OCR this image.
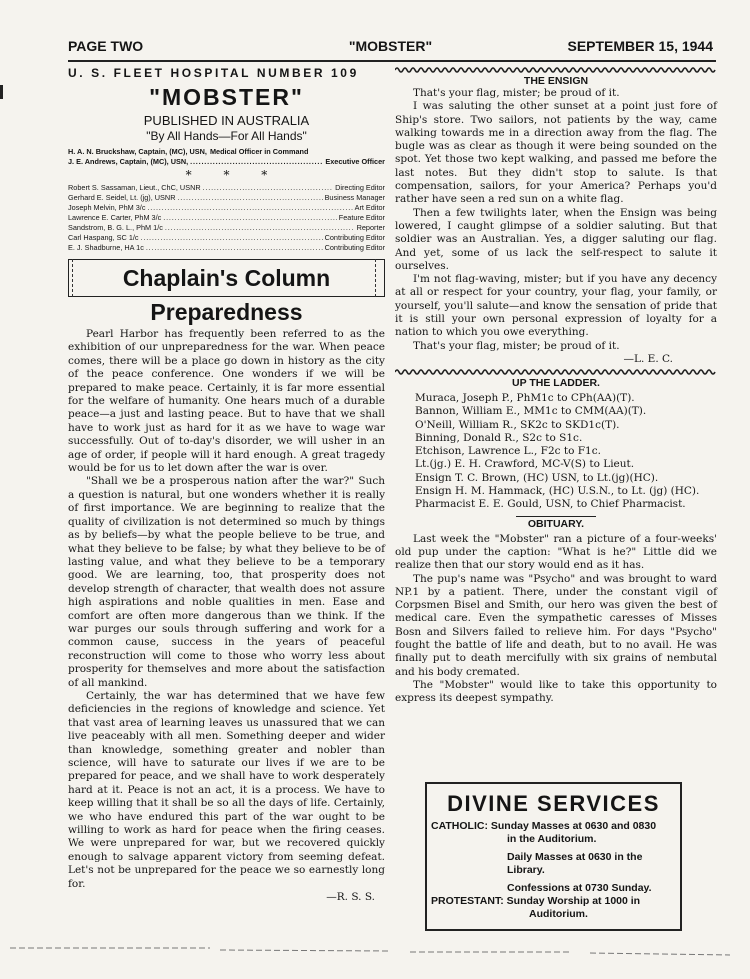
PAGE TWO	"MOBSTER"	SEPTEMBER 15, 1944
U. S. FLEET HOSPITAL NUMBER 109
"MOBSTER"
PUBLISHED IN AUSTRALIA
"By All Hands—For All Hands"
H. A. N. Bruckshaw, Captain, (MC), USN, Medical Officer in Command
J. E. Andrews, Captain, (MC), USN, .....	Executive Officer
* * *
Robert S. Sassaman, Lieut., ChC, USNR .....	Directing Editor
Gerhard E. Seidel, Lt. (jg), USNR .....	Business Manager
Joseph Melvin, PhM 3/c .....	Art Editor
Lawrence E. Carter, PhM 3/c .....	Feature Editor
Sandstrom, B. G. L., PhM 1/c .....	Reporter
Carl Haspang, SC 1/c .....	Contributing Editor
E. J. Shadburne, HA 1c .....	Contributing Editor
Chaplain's Column
Preparedness

Pearl Harbor has frequently been referred to as the exhibition of our unpreparedness for the war. When peace comes, there will be a place go down in history as the city of the peace conference. One wonders if we will be prepared to make peace. Certainly, it is far more essential for the welfare of humanity. One hears much of a durable peace—a just and lasting peace. But to have that we shall have to work just as hard for it as we have to wage war successfully. Out of to-day's disorder, we will usher in an age of order, if people will it hard enough. A great tragedy would be for us to let down after the war is over.

"Shall we be a prosperous nation after the war?" Such a question is natural, but one wonders whether it is really of first importance. We are beginning to realize that the quality of civilization is not determined so much by things as by beliefs—by what the people believe to be true, and what they believe to be false; by what they believe to be of lasting value, and what they believe to be a temporary good. We are learning, too, that prosperity does not develop strength of character, that wealth does not assure high aspirations and noble qualities in men. Ease and comfort are often more dangerous than we think. If the war purges our souls through suffering and work for a common cause, success in the years of peaceful reconstruction will come to those who worry less about prosperity for themselves and more about the satisfaction of all mankind.

Certainly, the war has determined that we have few deficiencies in the regions of knowledge and science. Yet that vast area of learning leaves us unassured that we can live peaceably with all men. Something deeper and wider than knowledge, something greater and nobler than science, will have to saturate our lives if we are to be prepared for peace, and we shall have to work desperately hard at it. Peace is not an act, it is a process. We have to keep willing that it shall be so all the days of life. Certainly, we who have endured this part of the war ought to be willing to work as hard for peace when the firing ceases. We were unprepared for war, but we recovered quickly enough to salvage apparent victory from seeming defeat. Let's not be unprepared for the peace we so earnestly long for.

—R. S. S.
THE ENSIGN

That's your flag, mister; be proud of it.

I was saluting the other sunset at a point just fore of Ship's store. Two sailors, not patients by the way, came walking towards me in a direction away from the flag. The bugle was as clear as though it were being sounded on the spot. Yet those two kept walking, and passed me before the last notes. But they didn't stop to salute. Is that compensation, sailors, for your America? Perhaps you'd rather have seen a red sun on a white flag.

Then a few twilights later, when the Ensign was being lowered, I caught glimpse of a soldier saluting. But that soldier was an Australian. Yes, a digger saluting our flag. And yet, some of us lack the self-respect to salute it ourselves.

I'm not flag-waving, mister; but if you have any decency at all or respect for your country, your flag, your family, or yourself, you'll salute—and know the sensation of pride that it is still your own personal expression of loyalty for a nation to which you owe everything.

That's your flag, mister; be proud of it.

—L. E. C.
UP THE LADDER.
Muraca, Joseph P., PhM1c to CPh(AA)(T).
Bannon, William E., MM1c to CMM(AA)(T).
O'Neill, William R., SK2c to SKD1c(T).
Binning, Donald R., S2c to S1c.
Etchison, Lawrence L., F2c to F1c.
Lt.(jg.) E. H. Crawford, MC-V(S) to Lieut.
Ensign T. C. Brown, (HC) USN, to Lt.(jg)(HC).
Ensign H. M. Hammack, (HC) U.S.N., to Lt. (jg) (HC).
Pharmacist E. E. Gould, USN, to Chief Pharmacist.
OBITUARY.

Last week the "Mobster" ran a picture of a four-weeks' old pup under the caption: "What is he?" Little did we realize then that our story would end as it has.

The pup's name was "Psycho" and was brought to ward NP.1 by a patient. There, under the constant vigil of Corpsmen Bisel and Smith, our hero was given the best of medical care. Even the sympathetic caresses of Misses Bosn and Silvers failed to relieve him. For days "Psycho" fought the battle of life and death, but to no avail. He was finally put to death mercifully with six grains of nembutal and his body cremated.

The "Mobster" would like to take this opportunity to express its deepest sympathy.

DIVINE SERVICES
CATHOLIC: Sunday Masses at 0630 and 0830
in the Auditorium.
Daily Masses at 0630 in the
Library.
Confessions at 0730 Sunday.
PROTESTANT: Sunday Worship at 1000 in
Auditorium.
